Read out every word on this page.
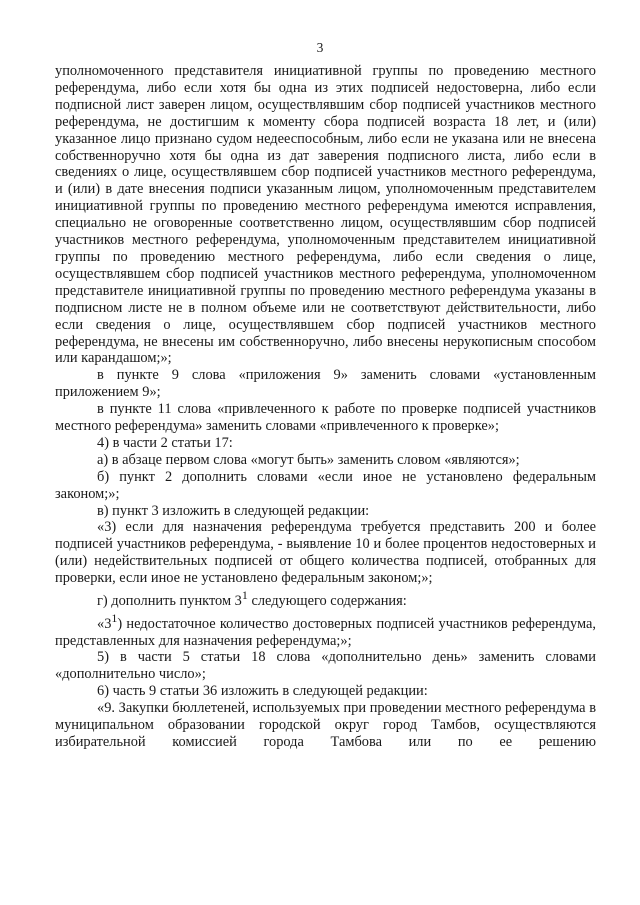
3

уполномоченного представителя инициативной группы по проведению местного референдума, либо если хотя бы одна из этих подписей недостоверна, либо если подписной лист заверен лицом, осуществлявшим сбор подписей участников местного референдума, не достигшим к моменту сбора подписей возраста 18 лет, и (или) указанное лицо признано судом недееспособным, либо если не указана или не внесена собственноручно хотя бы одна из дат заверения подписного листа, либо если в сведениях о лице, осуществлявшем сбор подписей участников местного референдума, и (или) в дате внесения подписи указанным лицом, уполномоченным представителем инициативной группы по проведению местного референдума имеются исправления, специально не оговоренные соответственно лицом, осуществлявшим сбор подписей участников местного референдума, уполномоченным представителем инициативной группы по проведению местного референдума, либо если сведения о лице, осуществлявшем сбор подписей участников местного референдума, уполномоченном представителе инициативной группы по проведению местного референдума указаны в подписном листе не в полном объеме или не соответствуют действительности, либо если сведения о лице, осуществлявшем сбор подписей участников местного референдума, не внесены им собственноручно, либо внесены нерукописным способом или карандашом;»;

в пункте 9 слова «приложения 9» заменить словами «установленным приложением 9»;

в пункте 11 слова «привлеченного к работе по проверке подписей участников местного референдума» заменить словами «привлеченного к проверке»;

4) в части 2 статьи 17:

а) в абзаце первом слова «могут быть» заменить словом «являются»;

б) пункт 2 дополнить словами «если иное не установлено федеральным законом;»;

в) пункт 3 изложить в следующей редакции:

«3) если для назначения референдума требуется представить 200 и более подписей участников референдума, - выявление 10 и более процентов недостоверных и (или) недействительных подписей от общего количества подписей, отобранных для проверки, если иное не установлено федеральным законом;»;

г) дополнить пунктом $3^1$ следующего содержания:

«$3^1$) недостаточное количество достоверных подписей участников референдума, представленных для назначения референдума;»;

5) в части 5 статьи 18 слова «дополнительно день» заменить словами «дополнительно число»;

6) часть 9 статьи 36 изложить в следующей редакции:

«9. Закупки бюллетеней, используемых при проведении местного референдума в муниципальном образовании городской округ город Тамбов, осуществляются избирательной комиссией города Тамбова или по ее решению
